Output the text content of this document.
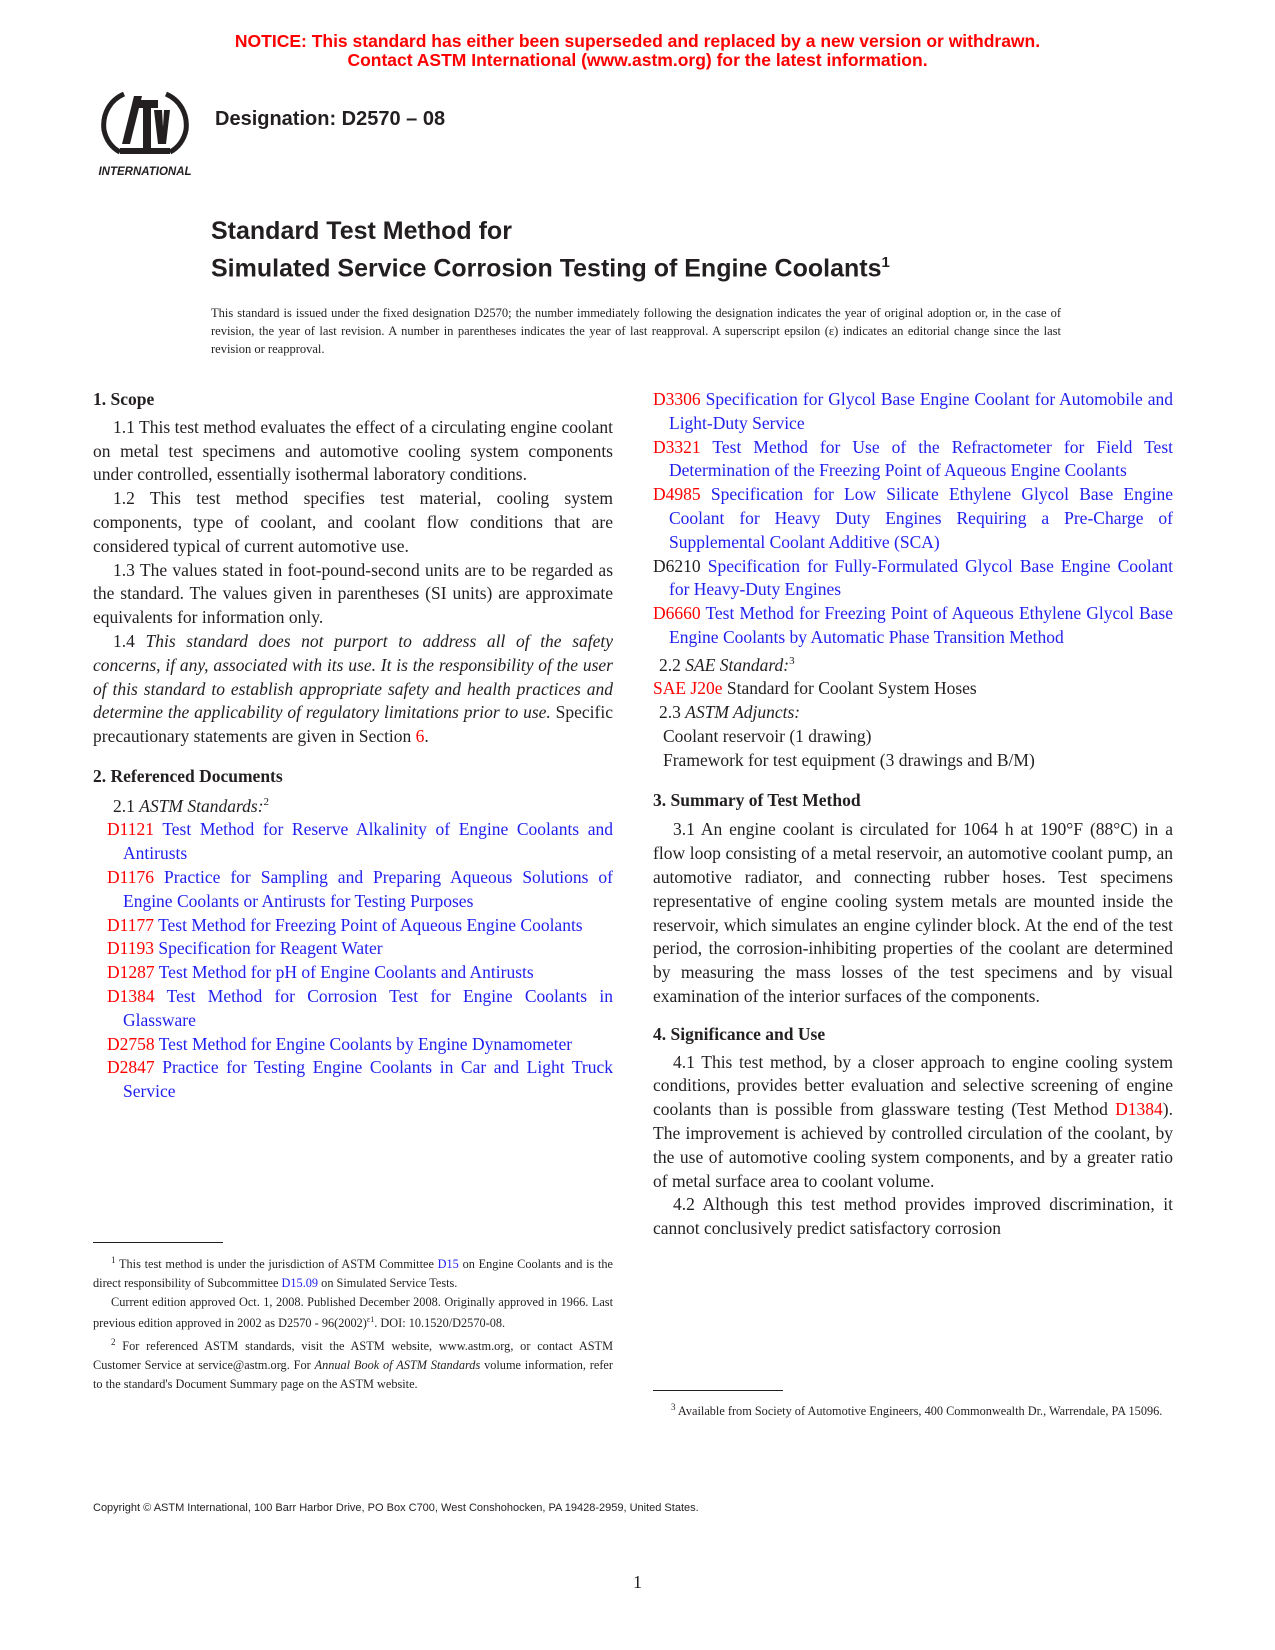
NOTICE: This standard has either been superseded and replaced by a new version or withdrawn.
Contact ASTM International (www.astm.org) for the latest information.
INTERNATIONAL
Designation: D2570 – 08
Standard Test Method for
Simulated Service Corrosion Testing of Engine Coolants$^1$
This standard is issued under the fixed designation D2570; the number immediately following the designation indicates the year of original adoption or, in the case of revision, the year of last revision. A number in parentheses indicates the year of last reapproval. A superscript epsilon (ε) indicates an editorial change since the last revision or reapproval.
1. Scope

1.1 This test method evaluates the effect of a circulating engine coolant on metal test specimens and automotive cooling system components under controlled, essentially isothermal laboratory conditions.

1.2 This test method specifies test material, cooling system components, type of coolant, and coolant flow conditions that are considered typical of current automotive use.

1.3 The values stated in foot-pound-second units are to be regarded as the standard. The values given in parentheses (SI units) are approximate equivalents for information only.

1.4 This standard does not purport to address all of the safety concerns, if any, associated with its use. It is the responsibility of the user of this standard to establish appropriate safety and health practices and determine the applicability of regulatory limitations prior to use. Specific precautionary statements are given in Section 6.

2. Referenced Documents

2.1 ASTM Standards:$^2$

D1121 Test Method for Reserve Alkalinity of Engine Coolants and Antirusts

D1176 Practice for Sampling and Preparing Aqueous Solutions of Engine Coolants or Antirusts for Testing Purposes

D1177 Test Method for Freezing Point of Aqueous Engine Coolants

D1193 Specification for Reagent Water

D1287 Test Method for pH of Engine Coolants and Antirusts

D1384 Test Method for Corrosion Test for Engine Coolants in Glassware

D2758 Test Method for Engine Coolants by Engine Dynamometer

D2847 Practice for Testing Engine Coolants in Car and Light Truck Service

$^1$ This test method is under the jurisdiction of ASTM Committee D15 on Engine Coolants and is the direct responsibility of Subcommittee D15.09 on Simulated Service Tests.

Current edition approved Oct. 1, 2008. Published December 2008. Originally approved in 1966. Last previous edition approved in 2002 as $D2570 - 96(2002)^{\varepsilon 1}$. DOI: 10.1520/D2570-08.

$^2$ For referenced ASTM standards, visit the ASTM website, www.astm.org, or contact ASTM Customer Service at service@astm.org. For Annual Book of ASTM Standards volume information, refer to the standard's Document Summary page on the ASTM website.

D3306 Specification for Glycol Base Engine Coolant for Automobile and Light-Duty Service

D3321 Test Method for Use of the Refractometer for Field Test Determination of the Freezing Point of Aqueous Engine Coolants

D4985 Specification for Low Silicate Ethylene Glycol Base Engine Coolant for Heavy Duty Engines Requiring a Pre-Charge of Supplemental Coolant Additive (SCA)

D6210 Specification for Fully-Formulated Glycol Base Engine Coolant for Heavy-Duty Engines

D6660 Test Method for Freezing Point of Aqueous Ethylene Glycol Base Engine Coolants by Automatic Phase Transition Method

2.2 SAE Standard:$^3$

SAE J20e Standard for Coolant System Hoses

2.3 ASTM Adjuncts:

Coolant reservoir (1 drawing)

Framework for test equipment (3 drawings and B/M)

3. Summary of Test Method

3.1 An engine coolant is circulated for 1064 h at 190°F (88°C) in a flow loop consisting of a metal reservoir, an automotive coolant pump, an automotive radiator, and connecting rubber hoses. Test specimens representative of engine cooling system metals are mounted inside the reservoir, which simulates an engine cylinder block. At the end of the test period, the corrosion-inhibiting properties of the coolant are determined by measuring the mass losses of the test specimens and by visual examination of the interior surfaces of the components.

4. Significance and Use

4.1 This test method, by a closer approach to engine cooling system conditions, provides better evaluation and selective screening of engine coolants than is possible from glassware testing (Test Method D1384). The improvement is achieved by controlled circulation of the coolant, by the use of automotive cooling system components, and by a greater ratio of metal surface area to coolant volume.

4.2 Although this test method provides improved discrimination, it cannot conclusively predict satisfactory corrosion

$^3$ Available from Society of Automotive Engineers, 400 Commonwealth Dr., Warrendale, PA 15096.

Copyright © ASTM International, 100 Barr Harbor Drive, PO Box C700, West Conshohocken, PA 19428-2959, United States.
1
